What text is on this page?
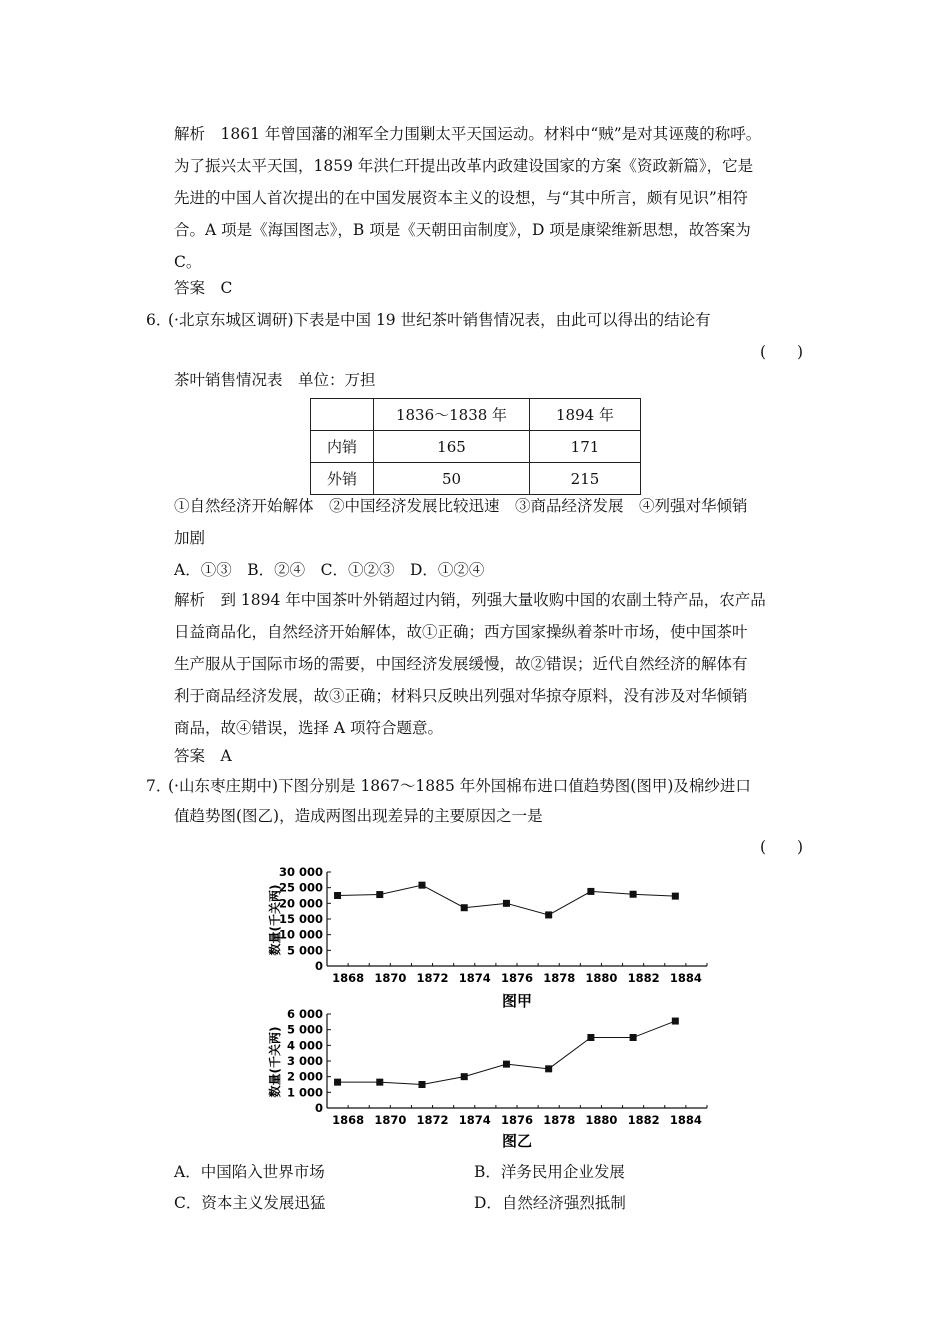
解析　1861 年曾国藩的湘军全力围剿太平天国运动。材料中“贼”是对其诬蔑的称呼。
为了振兴太平天国，1859 年洪仁玕提出改革内政建设国家的方案《资政新篇》，它是
先进的中国人首次提出的在中国发展资本主义的设想，与“其中所言，颇有见识”相符
合。A 项是《海国图志》，B 项是《天朝田亩制度》，D 项是康梁维新思想，故答案为
C。
答案　C
6．
(·北京东城区调研)下表是中国 19 世纪茶叶销售情况表，由此可以得出的结论有
(　　)
茶叶销售情况表　单位：万担
	1836～1838 年	1894 年
内销	165	171
外销	50	215
①自然经济开始解体　②中国经济发展比较迅速　③商品经济发展　④列强对华倾销
加剧
A．①③　B．②④　C．①②③　D．①②④
解析　到 1894 年中国茶叶外销超过内销，列强大量收购中国的农副土特产品，农产品
日益商品化，自然经济开始解体，故①正确；西方国家操纵着茶叶市场，使中国茶叶
生产服从于国际市场的需要，中国经济发展缓慢，故②错误；近代自然经济的解体有
利于商品经济发展，故③正确；材料只反映出列强对华掠夺原料，没有涉及对华倾销
商品，故④错误，选择 A 项符合题意。
答案　A
7．
(·山东枣庄期中)下图分别是 1867～1885 年外国棉布进口值趋势图(图甲)及棉纱进口
值趋势图(图乙)，造成两图出现差异的主要原因之一是
(　　)
0
5 000
10 000
15 000
20 000
25 000
30 000
1868 1870 1872 1874 1876 1878 1880 1882 1884
图甲
数量(千关两)
0
1 000
2 000
3 000
4 000
5 000
6 000
1868 1870 1872 1874 1876 1878 1880 1882 1884
图乙
数量(千关两)
A．中国陷入世界市场	B．洋务民用企业发展
C．资本主义发展迅猛	D．自然经济强烈抵制
